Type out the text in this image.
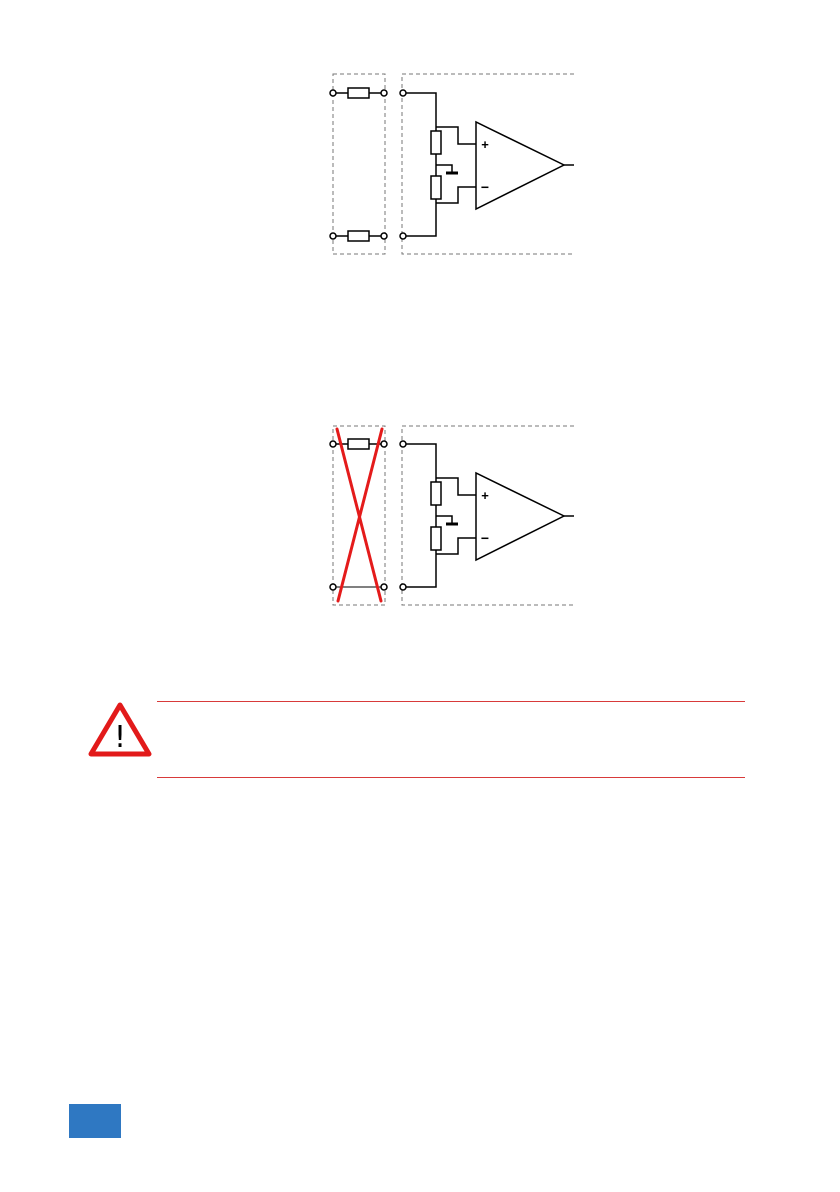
+
−
+
−
!
